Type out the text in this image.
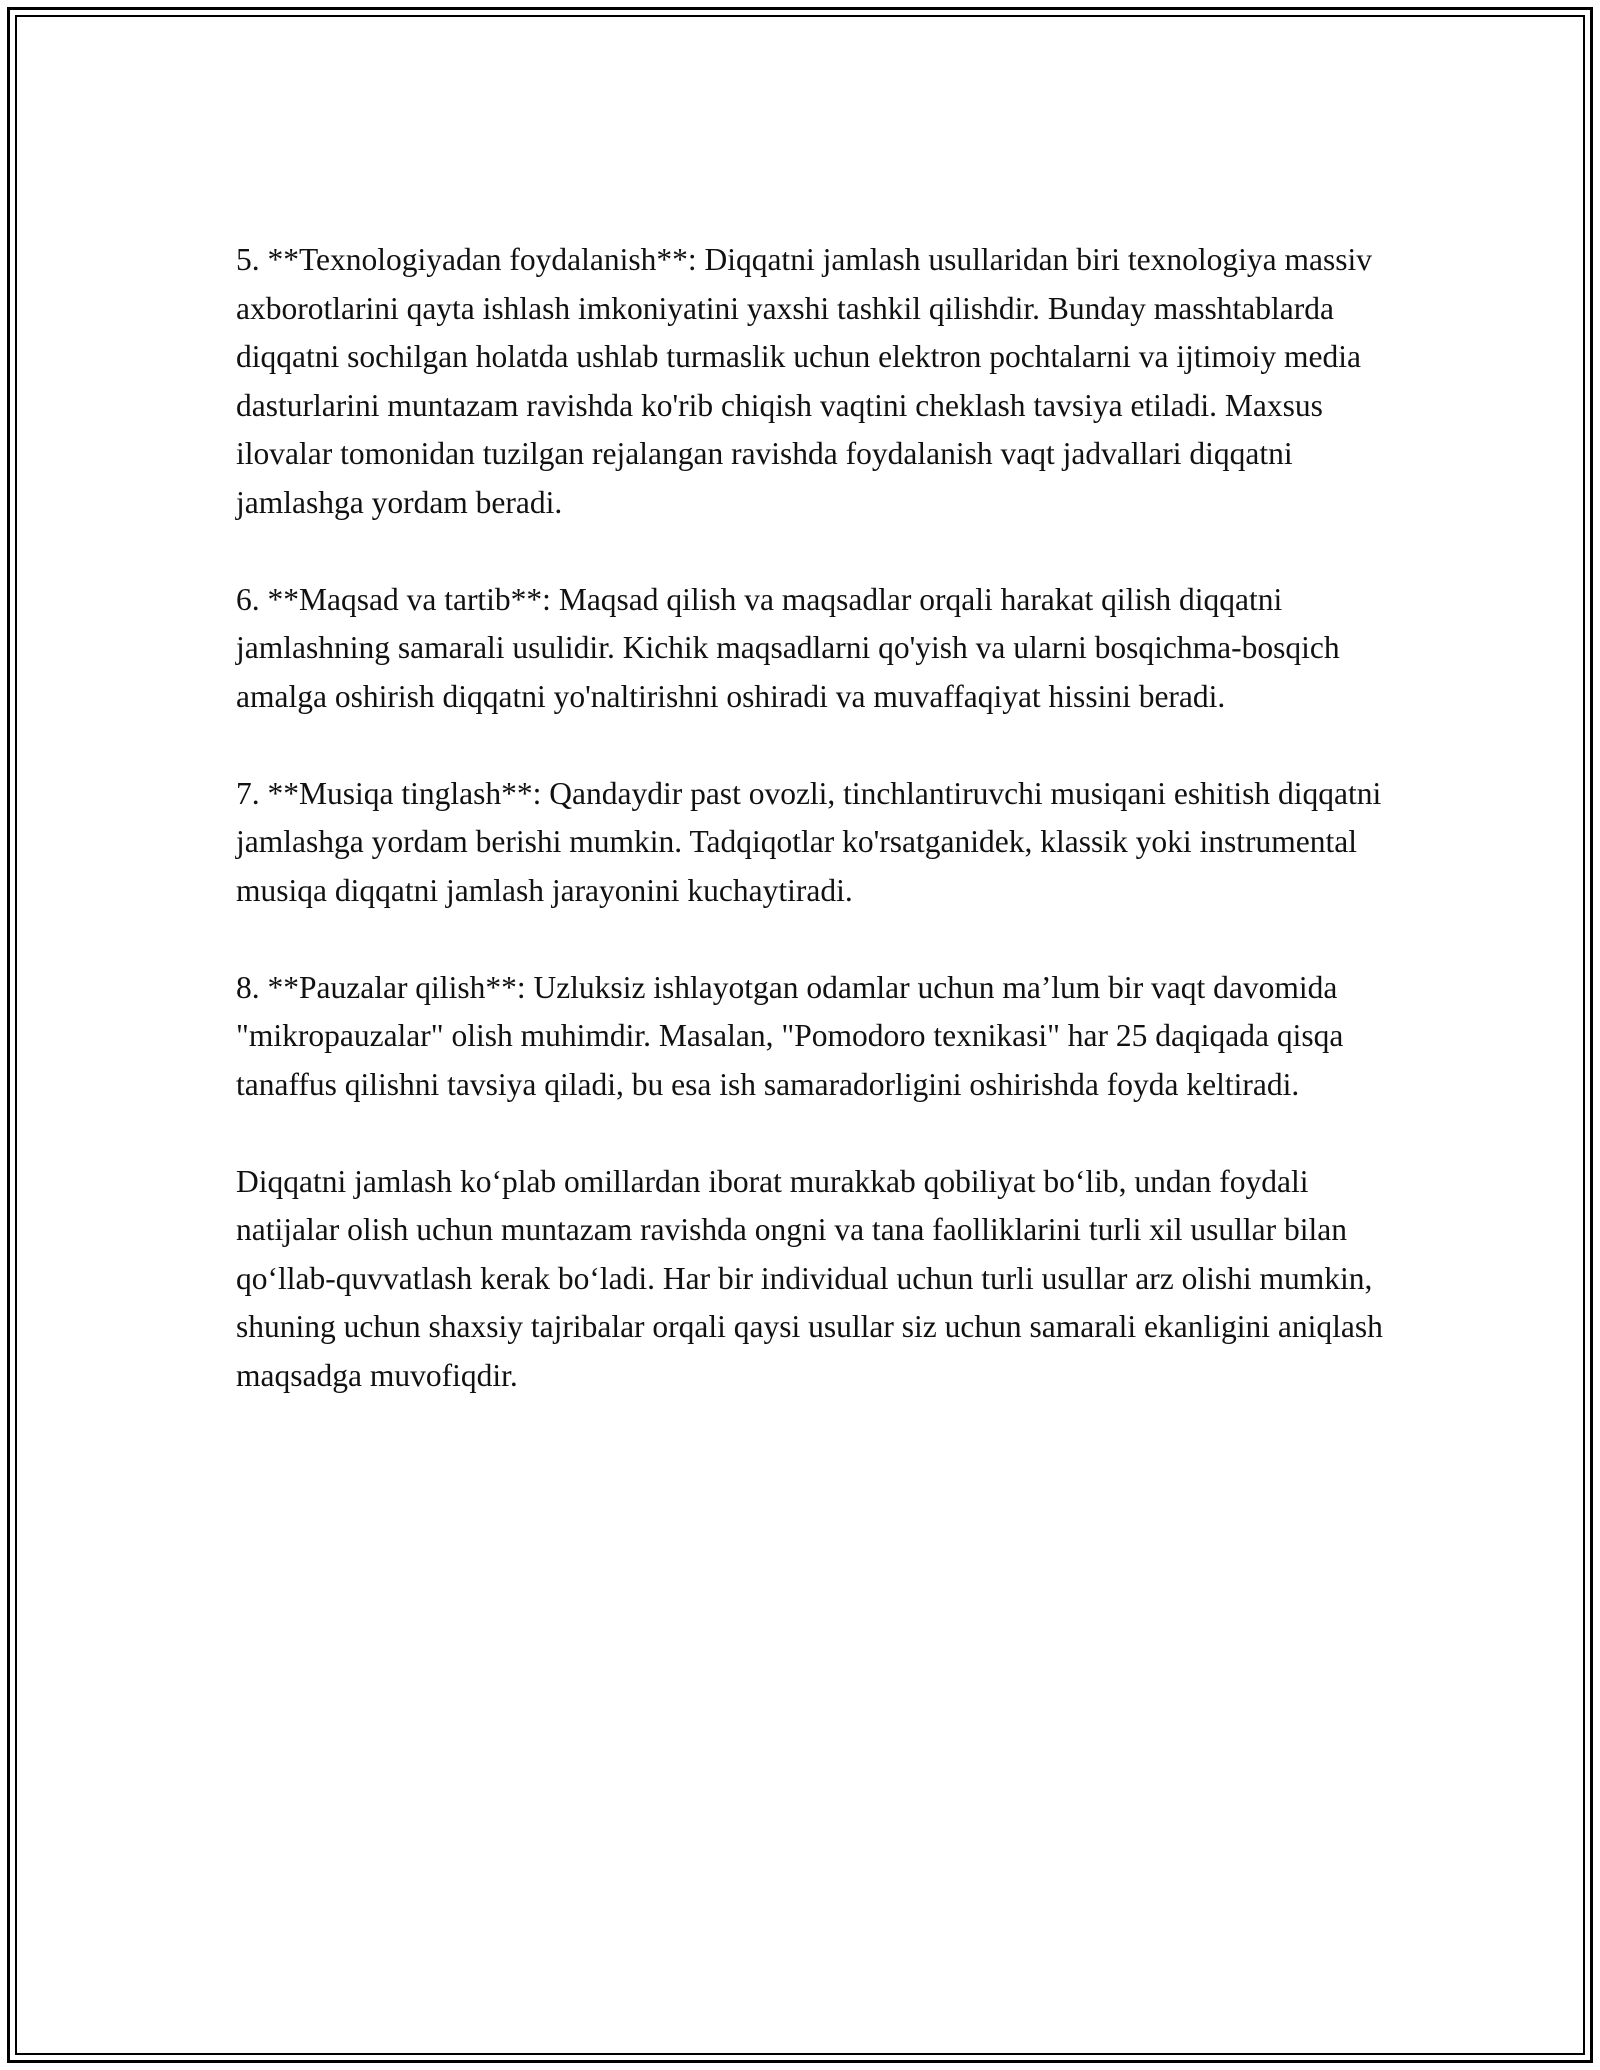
5. **Texnologiyadan foydalanish**: Diqqatni jamlash usullaridan biri texnologiya massiv axborotlarini qayta ishlash imkoniyatini yaxshi tashkil qilishdir. Bunday masshtablarda diqqatni sochilgan holatda ushlab turmaslik uchun elektron pochtalarni va ijtimoiy media dasturlarini muntazam ravishda ko'rib chiqish vaqtini cheklash tavsiya etiladi. Maxsus ilovalar tomonidan tuzilgan rejalangan ravishda foydalanish vaqt jadvallari diqqatni jamlashga yordam beradi.

6. **Maqsad va tartib**: Maqsad qilish va maqsadlar orqali harakat qilish diqqatni jamlashning samarali usulidir. Kichik maqsadlarni qo'yish va ularni bosqichma-bosqich amalga oshirish diqqatni yo'naltirishni oshiradi va muvaffaqiyat hissini beradi.

7. **Musiqa tinglash**: Qandaydir past ovozli, tinchlantiruvchi musiqani eshitish diqqatni jamlashga yordam berishi mumkin. Tadqiqotlar ko'rsatganidek, klassik yoki instrumental musiqa diqqatni jamlash jarayonini kuchaytiradi.

8. **Pauzalar qilish**: Uzluksiz ishlayotgan odamlar uchun ma’lum bir vaqt davomida "mikropauzalar" olish muhimdir. Masalan, "Pomodoro texnikasi" har 25 daqiqada qisqa tanaffus qilishni tavsiya qiladi, bu esa ish samaradorligini oshirishda foyda keltiradi.

Diqqatni jamlash ko‘plab omillardan iborat murakkab qobiliyat bo‘lib, undan foydali natijalar olish uchun muntazam ravishda ongni va tana faolliklarini turli xil usullar bilan qo‘llab-quvvatlash kerak bo‘ladi. Har bir individual uchun turli usullar arz olishi mumkin, shuning uchun shaxsiy tajribalar orqali qaysi usullar siz uchun samarali ekanligini aniqlash maqsadga muvofiqdir.
